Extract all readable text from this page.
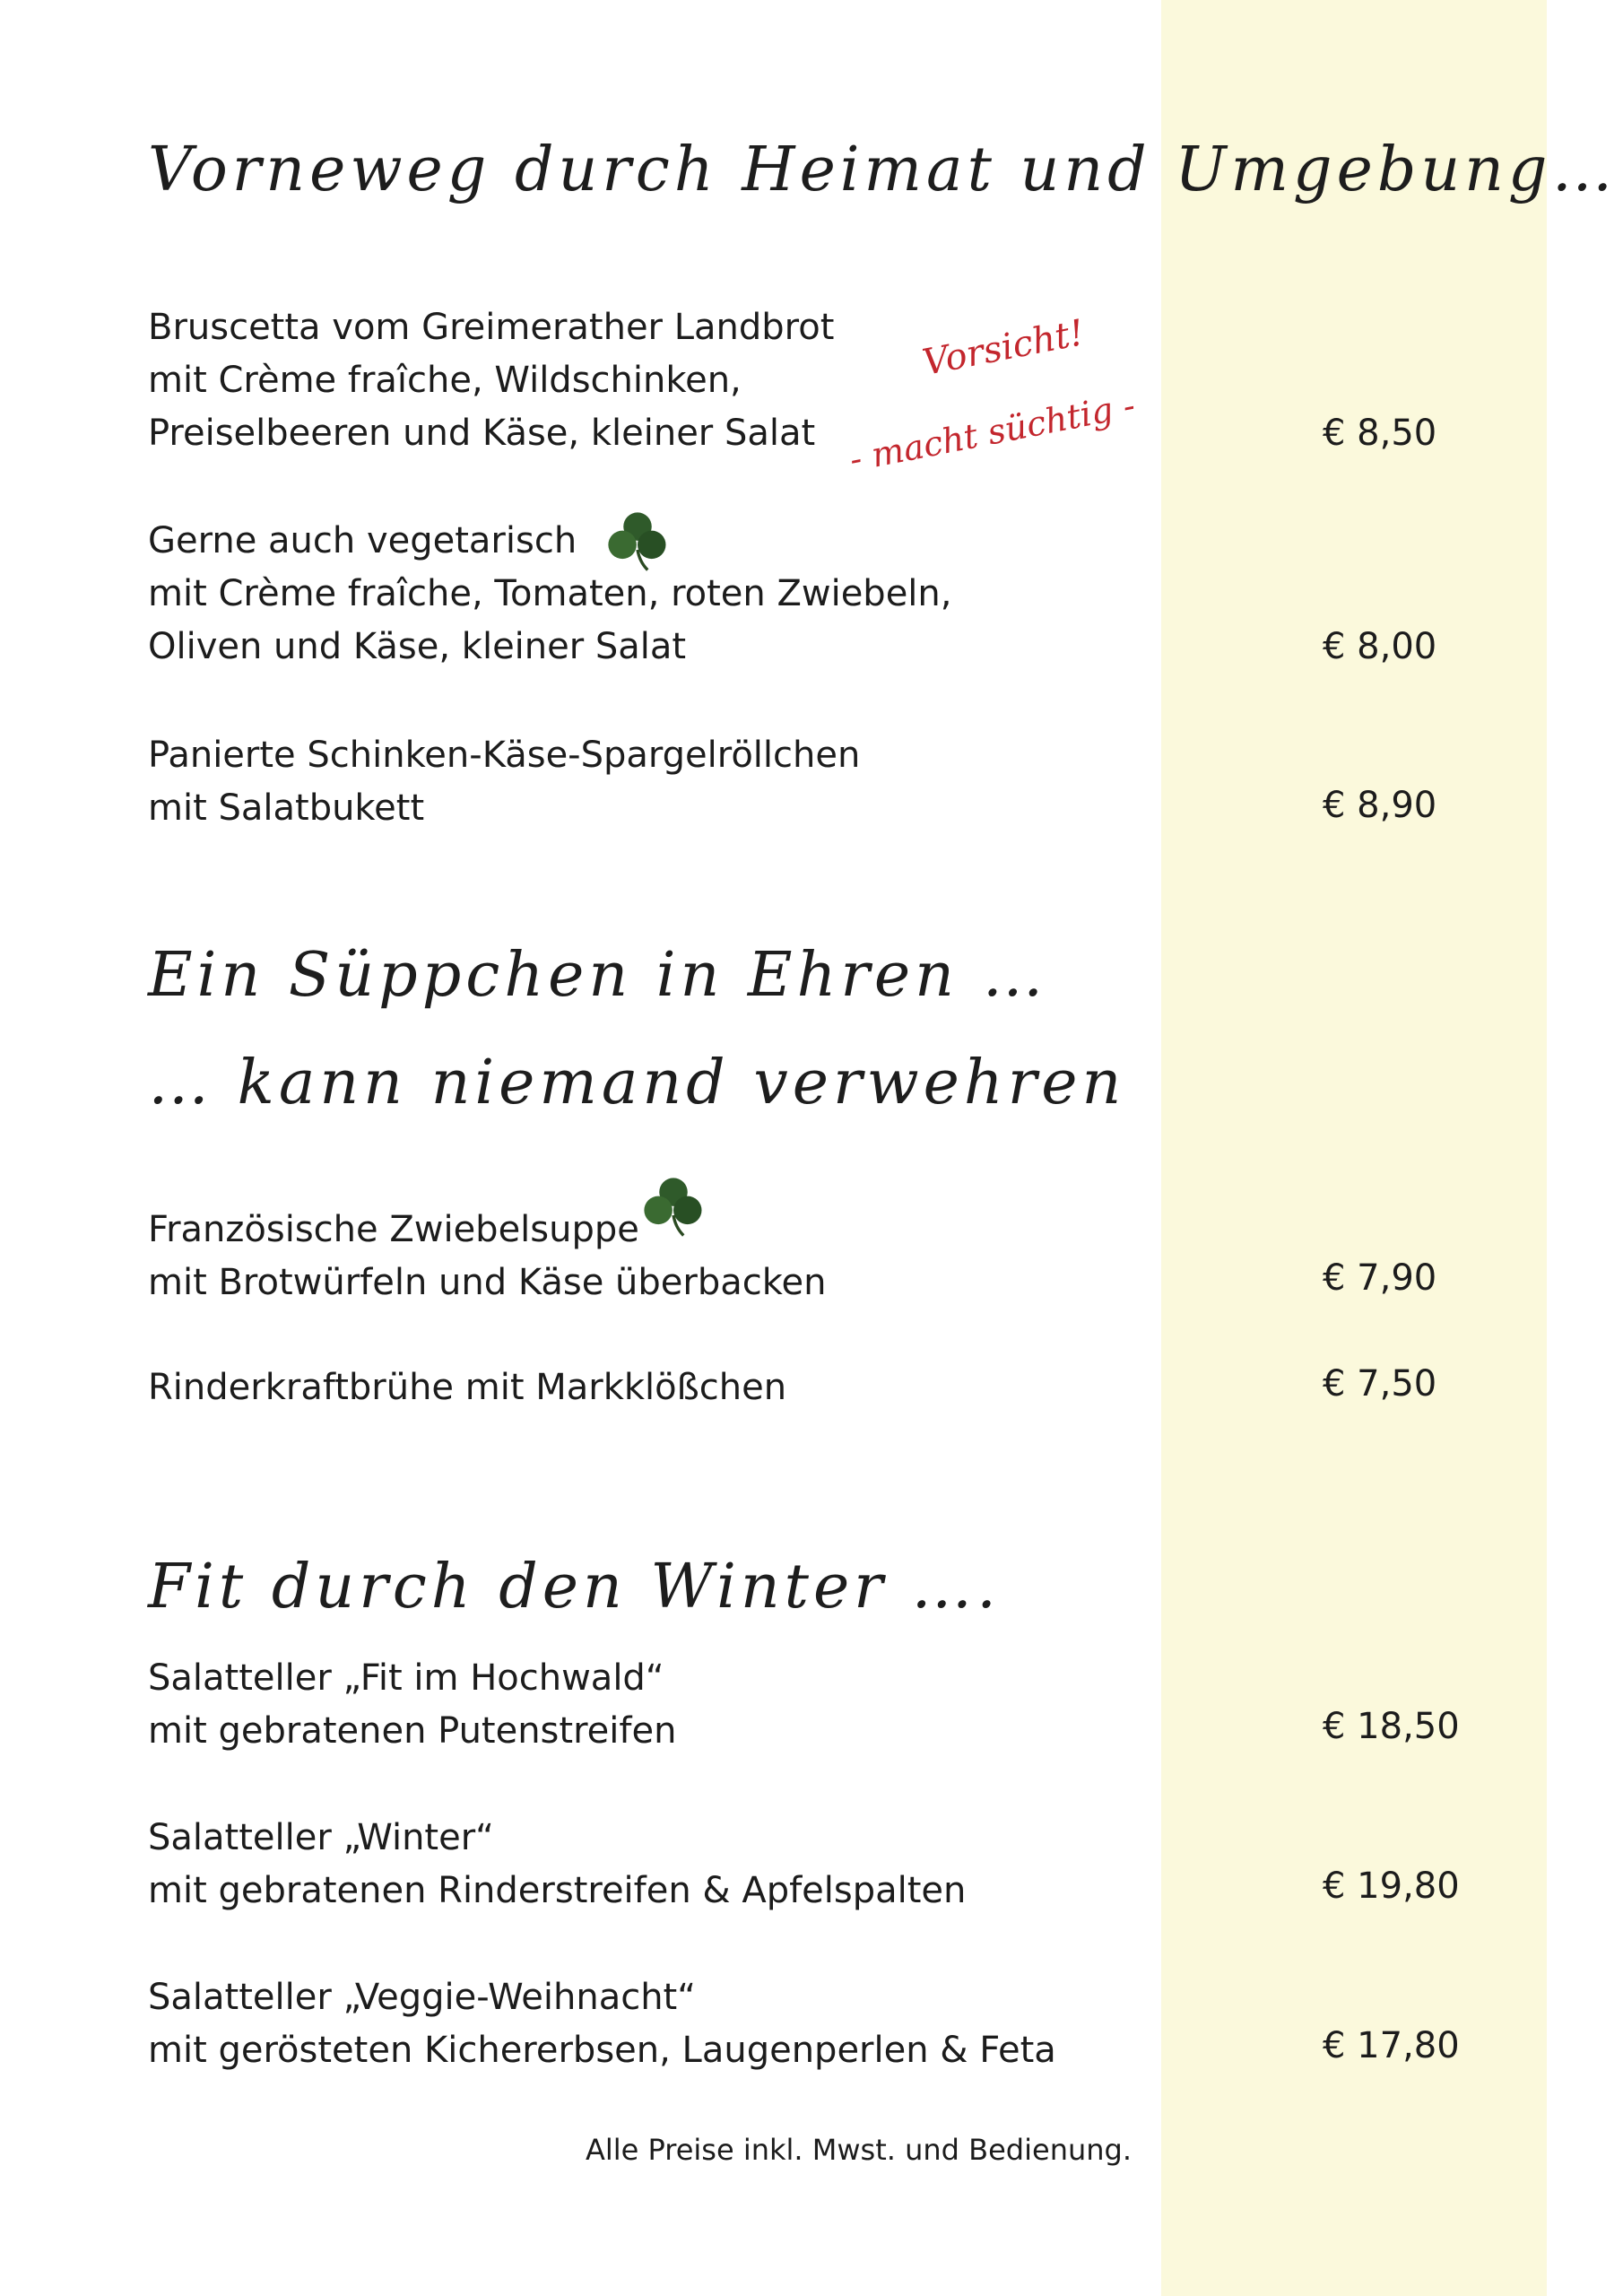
Vorneweg durch Heimat und Umgebung…
Bruscetta vom Greimerather Landbrot
mit Crème fraîche, Wildschinken,
Preiselbeeren und Käse, kleiner Salat	€ 8,50
Vorsicht!
- macht süchtig -
Gerne auch vegetarisch
mit Crème fraîche, Tomaten, roten Zwiebeln,
Oliven und Käse, kleiner Salat	€ 8,00
Panierte Schinken-Käse-Spargelröllchen
mit Salatbukett	€ 8,90
Ein Süppchen in Ehren …
… kann niemand verwehren
Französische Zwiebelsuppe
mit Brotwürfeln und Käse überbacken	€ 7,90
Rinderkraftbrühe mit Markklößchen	€ 7,50
Fit durch den Winter ….
Salatteller „Fit im Hochwald“
mit gebratenen Putenstreifen	€ 18,50
Salatteller „Winter“
mit gebratenen Rinderstreifen & Apfelspalten	€ 19,80
Salatteller „Veggie-Weihnacht“
mit gerösteten Kichererbsen, Laugenperlen & Feta	€ 17,80
Alle Preise inkl. Mwst. und Bedienung.
